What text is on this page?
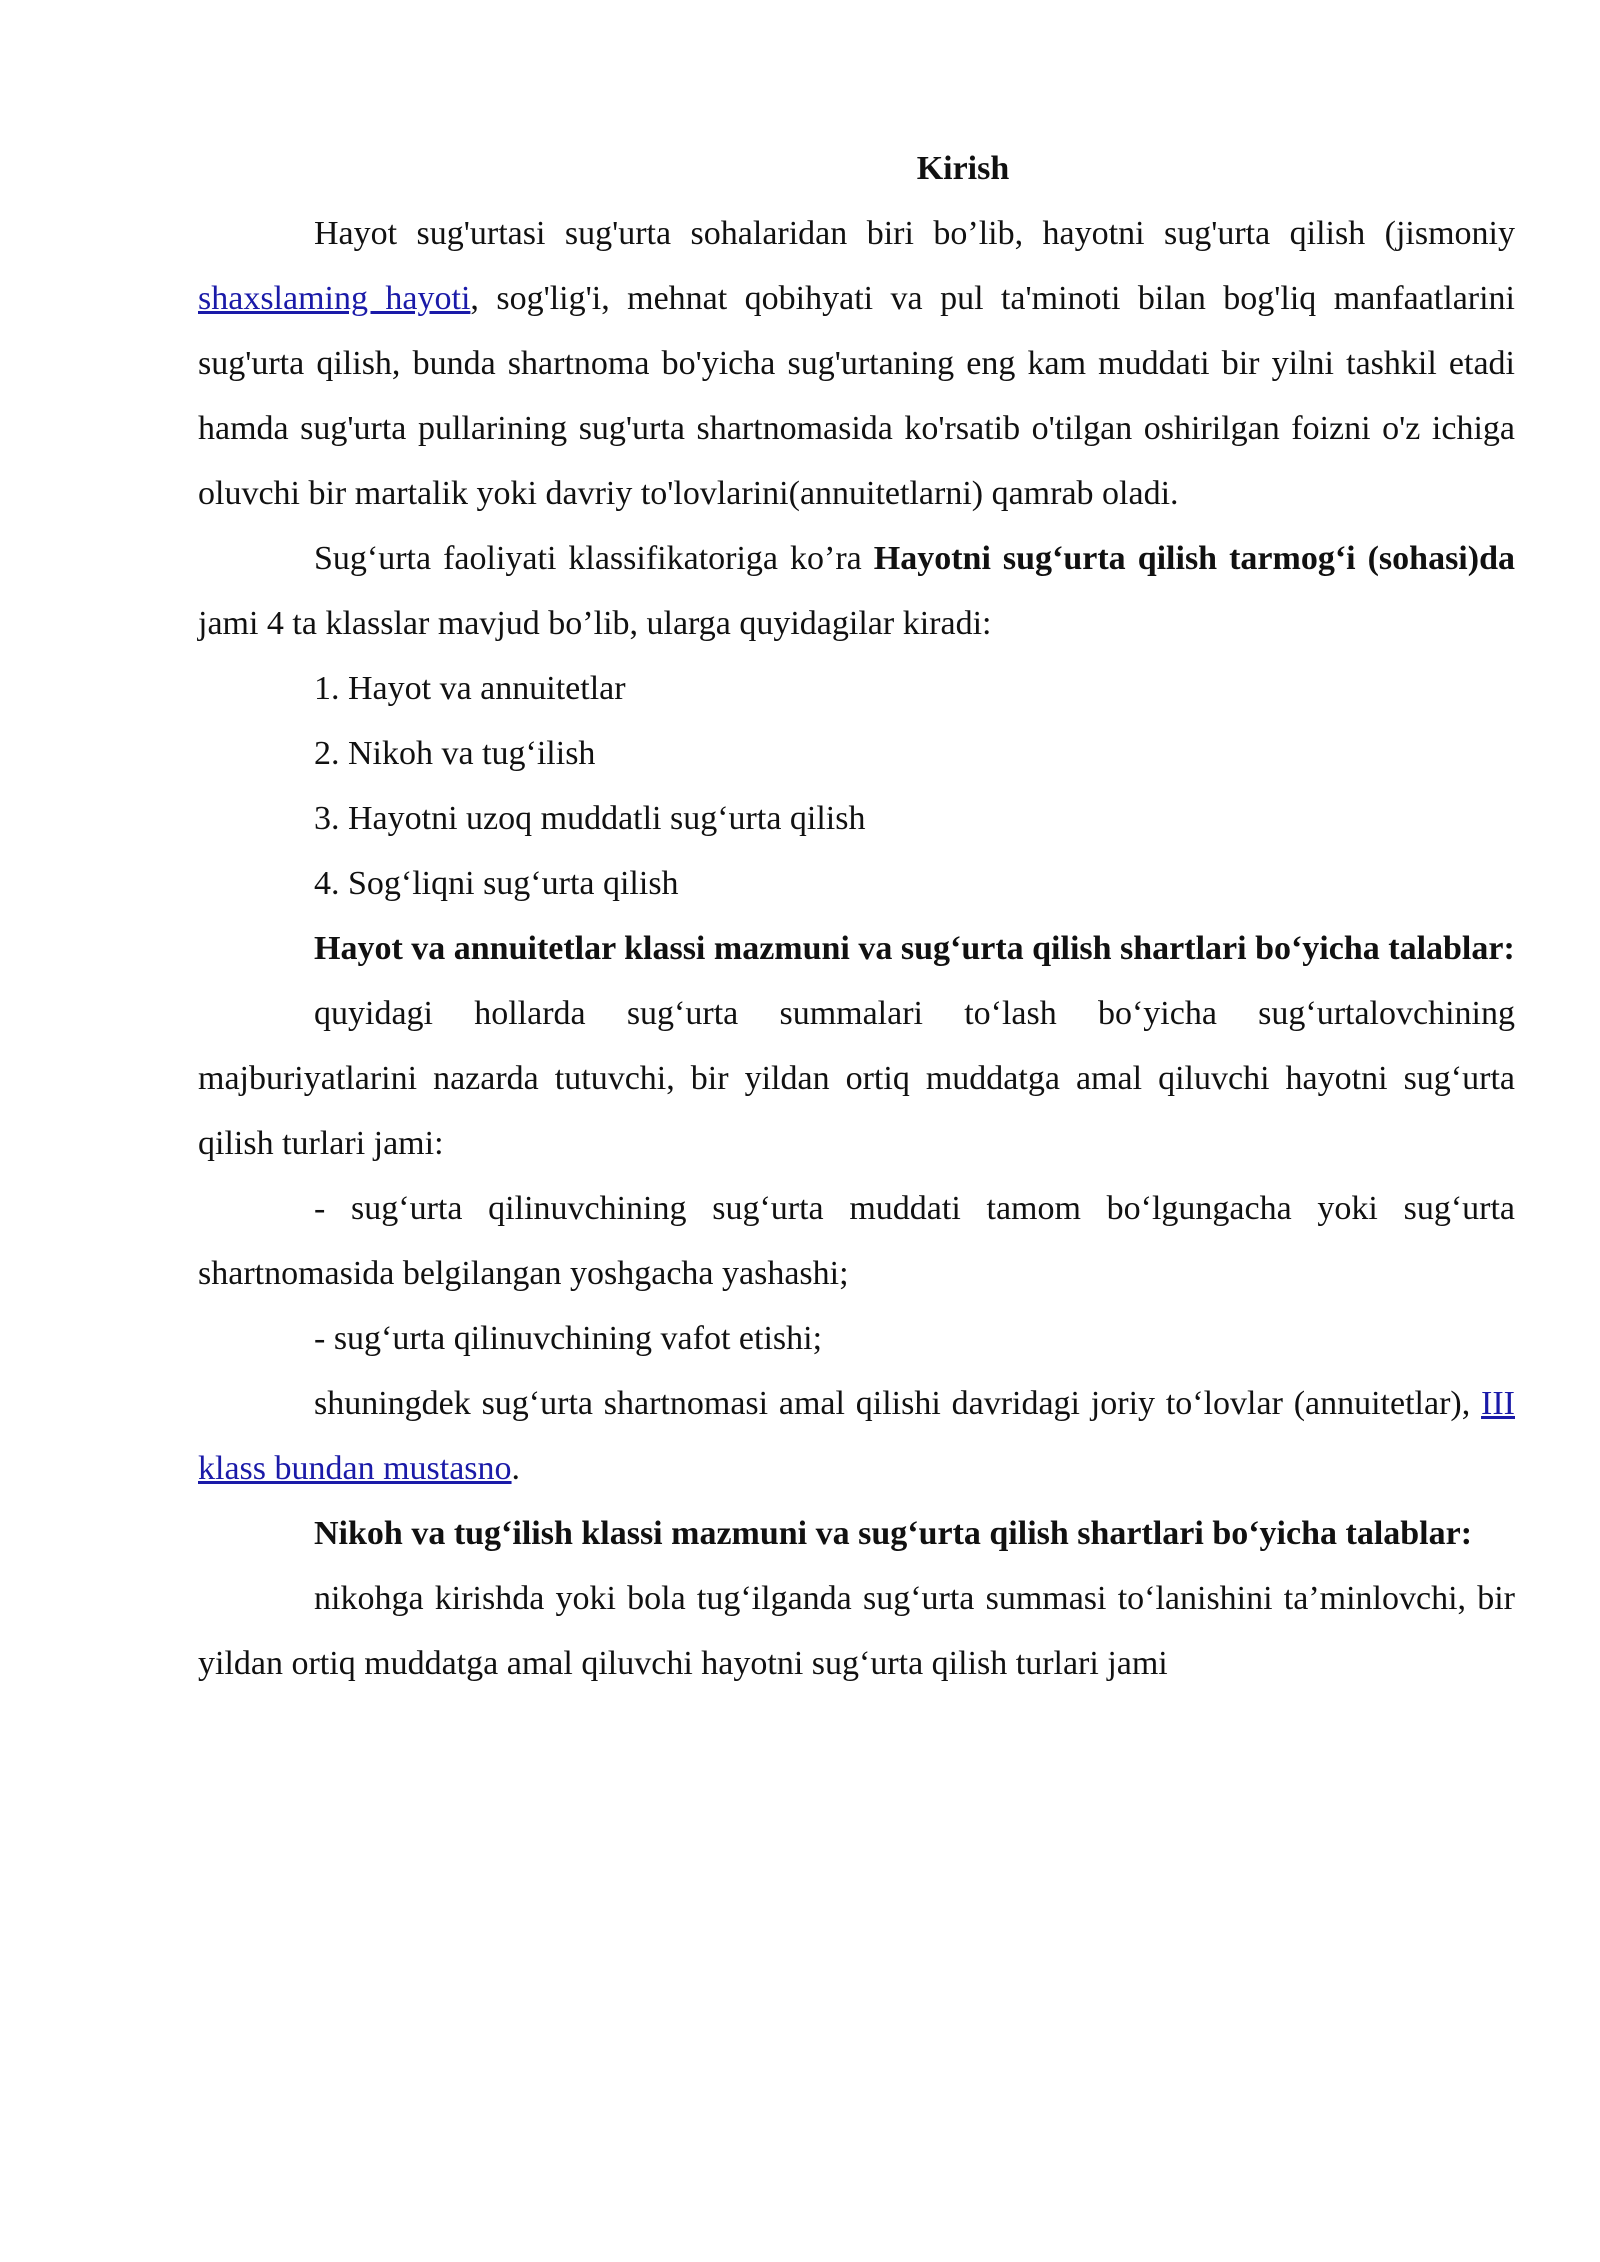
Kirish

Hayot sug'urtasi sug'urta sohalaridan biri bo’lib, hayotni sug'urta qilish (jismoniy shaxslaming hayoti, sog'lig'i, mehnat qobihyati va pul ta'minoti bilan bog'liq manfaatlarini sug'urta qilish, bunda shartnoma bo'yicha sug'urtaning eng kam muddati bir yilni tashkil etadi hamda sug'urta pullarining sug'urta shartnomasida ko'rsatib o'tilgan oshirilgan foizni o'z ichiga oluvchi bir martalik yoki davriy to'lovlarini(annuitetlarni) qamrab oladi.

Sug‘urta faoliyati klassifikatoriga ko’ra Hayotni sug‘urta qilish tarmog‘i (sohasi)da jami 4 ta klasslar mavjud bo’lib, ularga quyidagilar kiradi:

1. Hayot va annuitetlar

2. Nikoh va tug‘ilish

3. Hayotni uzoq muddatli sug‘urta qilish

4. Sog‘liqni sug‘urta qilish

Hayot va annuitetlar klassi mazmuni va sug‘urta qilish shartlari bo‘yicha talablar:

quyidagi hollarda sug‘urta summalari to‘lash bo‘yicha sug‘urtalovchining majburiyatlarini nazarda tutuvchi, bir yildan ortiq muddatga amal qiluvchi hayotni sug‘urta qilish turlari jami:

- sug‘urta qilinuvchining sug‘urta muddati tamom bo‘lgungacha yoki sug‘urta shartnomasida belgilangan yoshgacha yashashi;

- sug‘urta qilinuvchining vafot etishi;

shuningdek sug‘urta shartnomasi amal qilishi davridagi joriy to‘lovlar (annuitetlar), III klass bundan mustasno.

Nikoh va tug‘ilish klassi mazmuni va sug‘urta qilish shartlari bo‘yicha talablar:

nikohga kirishda yoki bola tug‘ilganda sug‘urta summasi to‘lanishini ta’minlovchi, bir yildan ortiq muddatga amal qiluvchi hayotni sug‘urta qilish turlari jami
